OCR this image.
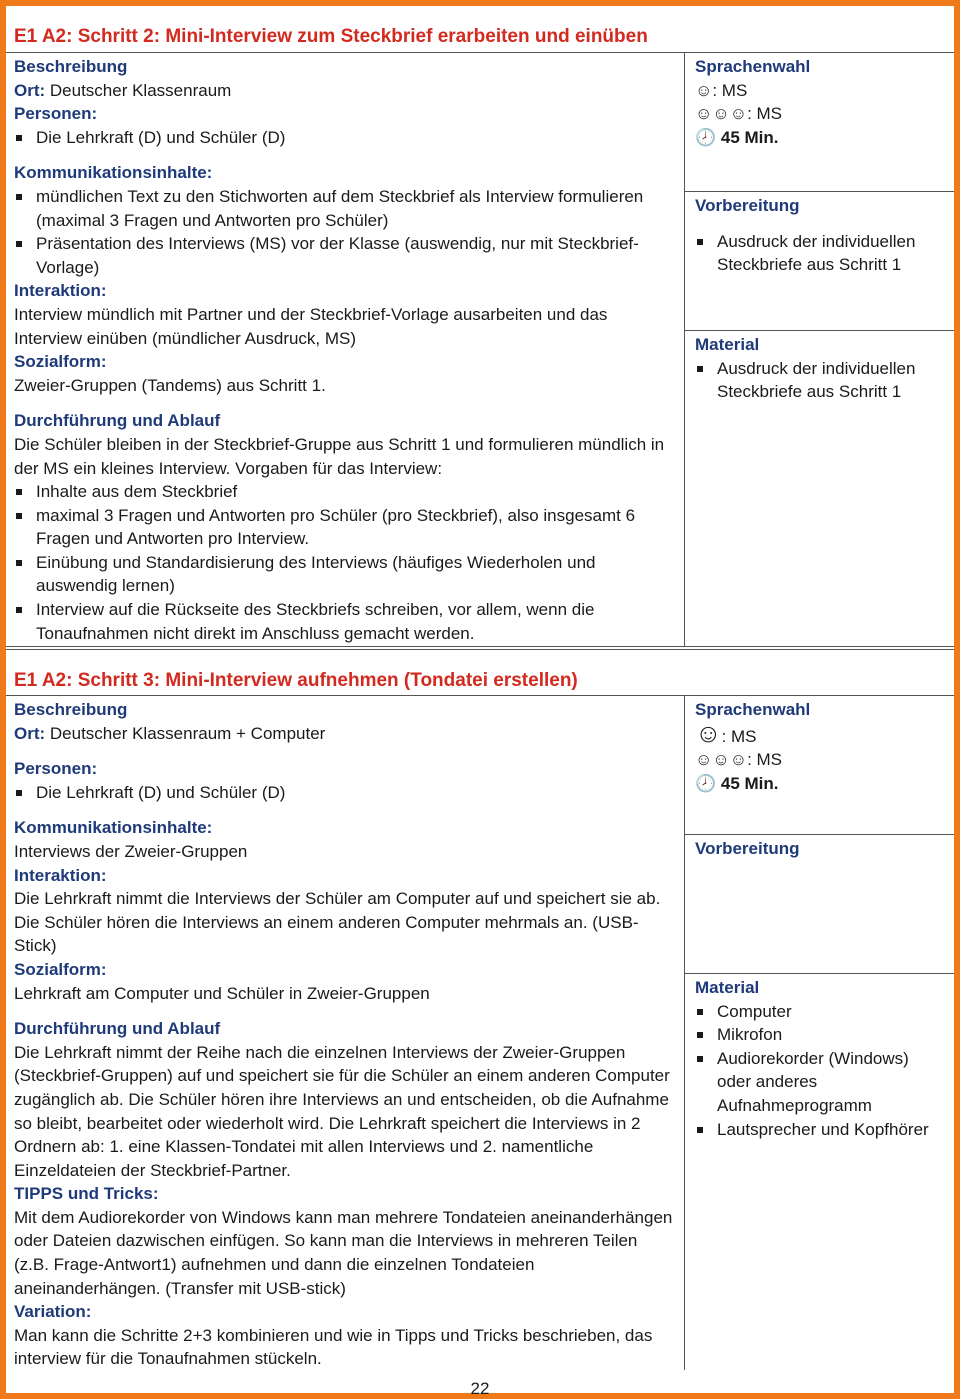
E1 A2: Schritt 2: Mini-Interview zum Steckbrief erarbeiten und einüben
Beschreibung
Ort: Deutscher Klassenraum
Personen:
Die Lehrkraft (D) und Schüler (D)
Kommunikationsinhalte:
mündlichen Text zu den Stichworten auf dem Steckbrief als Interview formulieren (maximal 3 Fragen und Antworten pro Schüler)
Präsentation des Interviews (MS) vor der Klasse (auswendig, nur mit Steckbrief-Vorlage)
Interaktion:
Interview mündlich mit Partner und der Steckbrief-Vorlage ausarbeiten und das Interview einüben (mündlicher Ausdruck, MS)
Sozialform:
Zweier-Gruppen (Tandems) aus Schritt 1.
Durchführung und Ablauf
Die Schüler bleiben in der Steckbrief-Gruppe aus Schritt 1 und formulieren mündlich in der MS ein kleines Interview. Vorgaben für das Interview:
Inhalte aus dem Steckbrief
maximal 3 Fragen und Antworten pro Schüler (pro Steckbrief), also insgesamt 6 Fragen und Antworten pro Interview.
Einübung und Standardisierung des Interviews (häufiges Wiederholen und auswendig lernen)
Interview auf die Rückseite des Steckbriefs schreiben, vor allem, wenn die Tonaufnahmen nicht direkt im Anschluss gemacht werden.
Sprachenwahl
☺: MS
☺☺☺: MS
🕗 45 Min.
Vorbereitung
Ausdruck der individuellen Steckbriefe aus Schritt 1
Material
Ausdruck der individuellen Steckbriefe aus Schritt 1
E1 A2: Schritt 3: Mini-Interview aufnehmen (Tondatei erstellen)
Beschreibung
Ort: Deutscher Klassenraum + Computer
Personen:
Die Lehrkraft (D) und Schüler (D)
Kommunikationsinhalte:
Interviews der Zweier-Gruppen
Interaktion:
Die Lehrkraft nimmt die Interviews der Schüler am Computer auf und speichert sie ab. Die Schüler hören die Interviews an einem anderen Computer mehrmals an. (USB-Stick)
Sozialform:
Lehrkraft am Computer und Schüler in Zweier-Gruppen
Durchführung und Ablauf
Die Lehrkraft nimmt der Reihe nach die einzelnen Interviews der Zweier-Gruppen (Steckbrief-Gruppen) auf und speichert sie für die Schüler an einem anderen Computer zugänglich ab. Die Schüler hören ihre Interviews an und entscheiden, ob die Aufnahme so bleibt, bearbeitet oder wiederholt wird. Die Lehrkraft speichert die Interviews in 2 Ordnern ab: 1. eine Klassen-Tondatei mit allen Interviews und 2. namentliche Einzeldateien der Steckbrief-Partner.
TIPPS und Tricks:
Mit dem Audiorekorder von Windows kann man mehrere Tondateien aneinanderhängen oder Dateien dazwischen einfügen. So kann man die Interviews in mehreren Teilen (z.B. Frage-Antwort1) aufnehmen und dann die einzelnen Tondateien aneinanderhängen. (Transfer mit USB-stick)
Variation:
Man kann die Schritte 2+3 kombinieren und wie in Tipps und Tricks beschrieben, das interview für die Tonaufnahmen stückeln.
Sprachenwahl
☺: MS
☺☺☺: MS
🕗 45 Min.
Vorbereitung
Material
Computer
Mikrofon
Audiorekorder (Windows) oder anderes Aufnahmeprogramm
Lautsprecher und Kopfhörer
22
